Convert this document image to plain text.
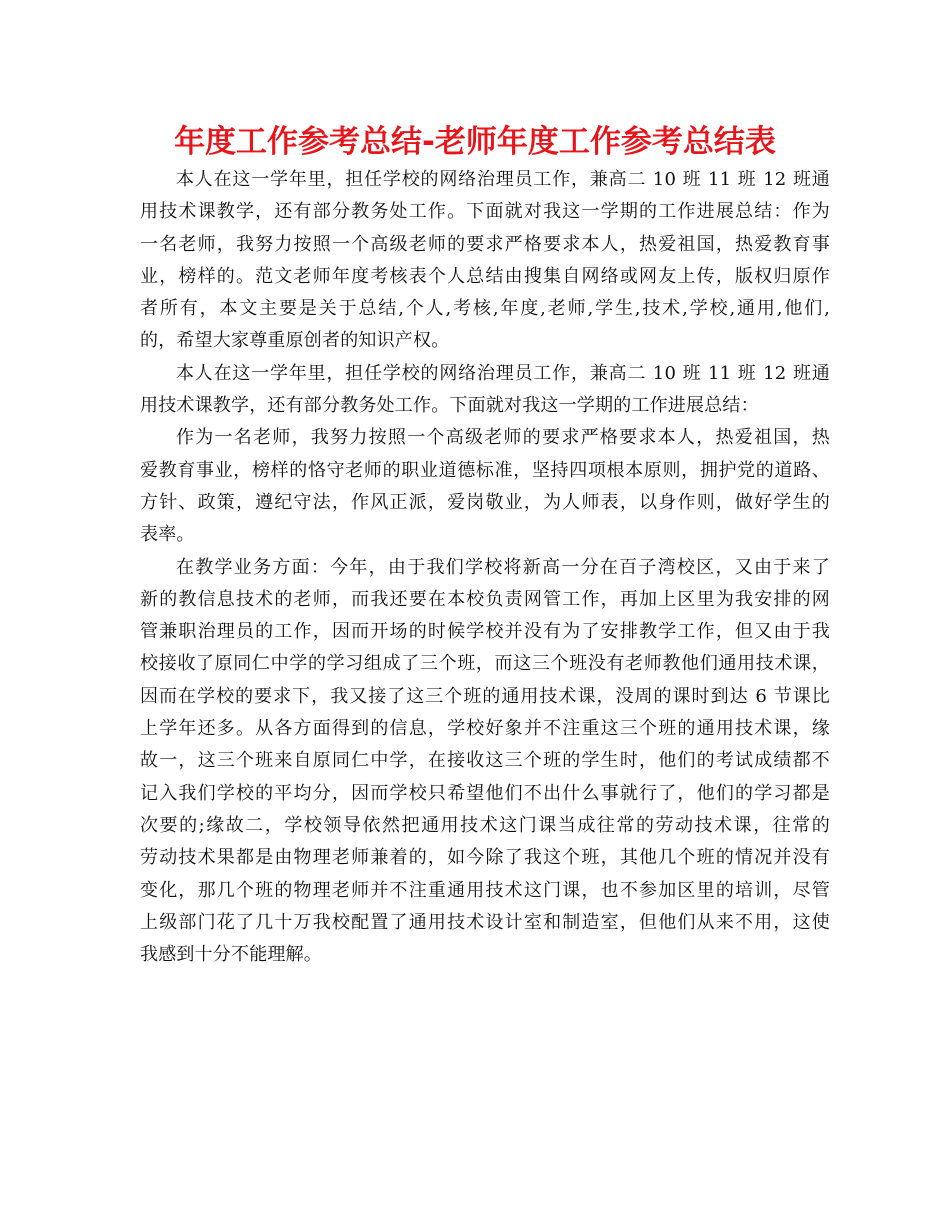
年度工作参考总结-老师年度工作参考总结表
本人在这一学年里，担任学校的网络治理员工作，兼高二 10 班 11 班 12 班通
用技术课教学，还有部分教务处工作。下面就对我这一学期的工作进展总结：作为
一名老师，我努力按照一个高级老师的要求严格要求本人，热爱祖国，热爱教育事
业，榜样的。范文老师年度考核表个人总结由搜集自网络或网友上传，版权归原作
者所有，本文主要是关于总结,个人,考核,年度,老师,学生,技术,学校,通用,他们,
的，希望大家尊重原创者的知识产权。
本人在这一学年里，担任学校的网络治理员工作，兼高二 10 班 11 班 12 班通
用技术课教学，还有部分教务处工作。下面就对我这一学期的工作进展总结：
作为一名老师，我努力按照一个高级老师的要求严格要求本人，热爱祖国，热
爱教育事业，榜样的恪守老师的职业道德标准，坚持四项根本原则，拥护党的道路、
方针、政策，遵纪守法，作风正派，爱岗敬业，为人师表，以身作则，做好学生的
表率。
在教学业务方面：今年，由于我们学校将新高一分在百子湾校区，又由于来了
新的教信息技术的老师，而我还要在本校负责网管工作，再加上区里为我安排的网
管兼职治理员的工作，因而开场的时候学校并没有为了安排教学工作，但又由于我
校接收了原同仁中学的学习组成了三个班，而这三个班没有老师教他们通用技术课，
因而在学校的要求下，我又接了这三个班的通用技术课，没周的课时到达 6 节课比
上学年还多。从各方面得到的信息，学校好象并不注重这三个班的通用技术课，缘
故一，这三个班来自原同仁中学，在接收这三个班的学生时，他们的考试成绩都不
记入我们学校的平均分，因而学校只希望他们不出什么事就行了，他们的学习都是
次要的;缘故二，学校领导依然把通用技术这门课当成往常的劳动技术课，往常的
劳动技术果都是由物理老师兼着的，如今除了我这个班，其他几个班的情况并没有
变化，那几个班的物理老师并不注重通用技术这门课，也不参加区里的培训，尽管
上级部门花了几十万我校配置了通用技术设计室和制造室，但他们从来不用，这使
我感到十分不能理解。
